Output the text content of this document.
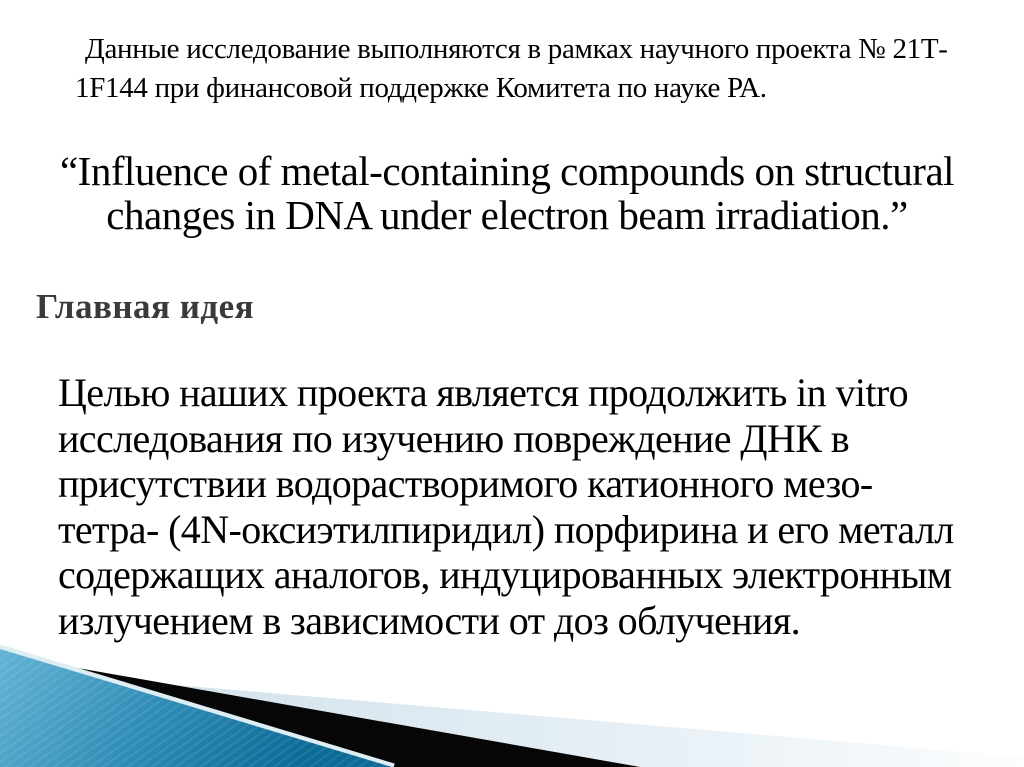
Данные исследование выполняются в рамках научного проекта № 21Т-
1F144 при финансовой поддержке Комитета по науке РА.
“Influence of metal-containing compounds on structural
changes in DNA under electron beam irradiation.”
Главная идея
Целью наших проекта является продолжить in vitro
исследования по изучению повреждение ДНК в
присутствии водорастворимого катионного мезо-
тетра- (4N-оксиэтилпиридил) порфирина и его металл
содержащих аналогов, индуцированных электронным
излучением в зависимости от доз облучения.
